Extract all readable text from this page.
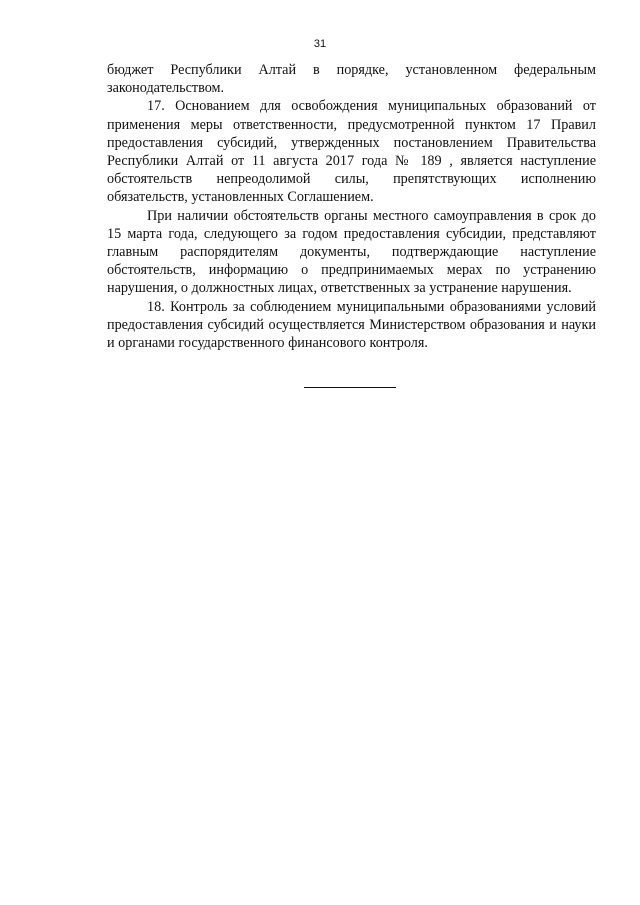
31

бюджет Республики Алтай в порядке, установленном федеральным законодательством.

17. Основанием для освобождения муниципальных образований от применения меры ответственности, предусмотренной пунктом 17 Правил предоставления субсидий, утвержденных постановлением Правительства Республики Алтай от 11 августа 2017 года № 189 , является наступление обстоятельств непреодолимой силы, препятствующих исполнению обязательств, установленных Соглашением.

При наличии обстоятельств органы местного самоуправления в срок до 15 марта года, следующего за годом предоставления субсидии, представляют главным распорядителям документы, подтверждающие наступление обстоятельств, информацию о предпринимаемых мерах по устранению нарушения, о должностных лицах, ответственных за устранение нарушения.

18. Контроль за соблюдением муниципальными образованиями условий предоставления субсидий осуществляется Министерством образования и науки и органами государственного финансового контроля.
